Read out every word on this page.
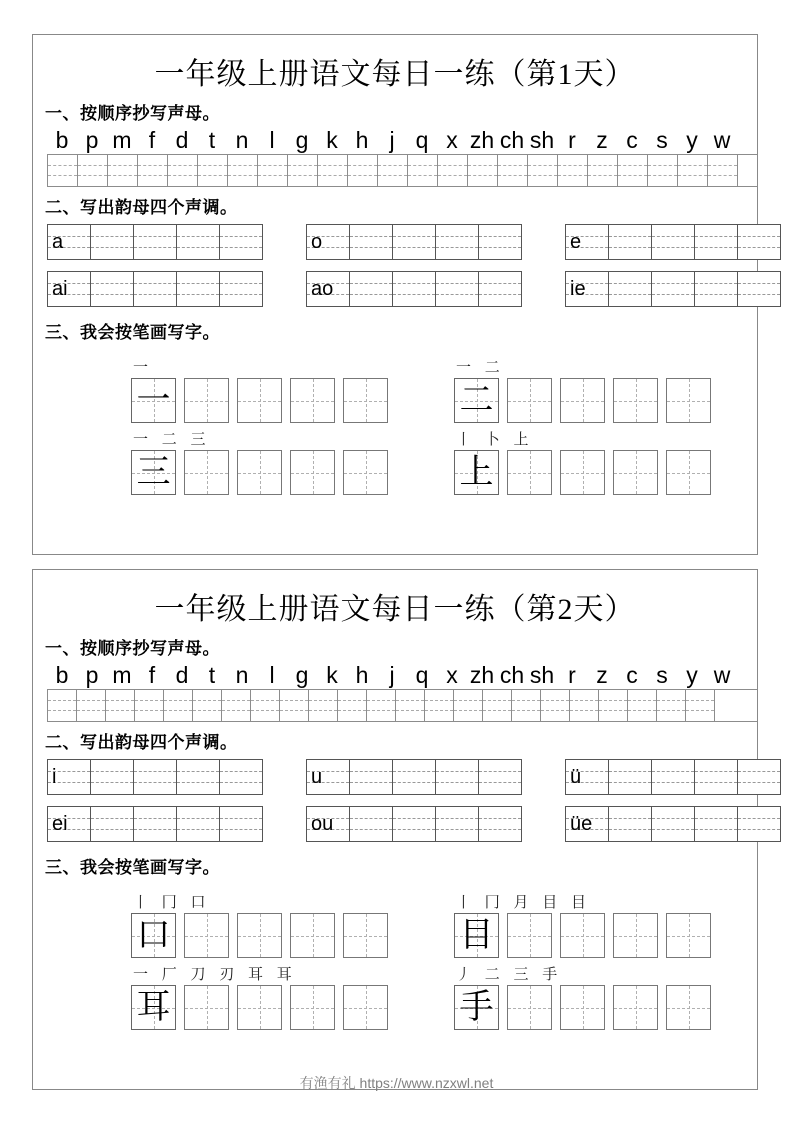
一年级上册语文每日一练（第1天）
一、按顺序抄写声母。
b p m f d t n l g k h j q x zh ch sh r z c s y w
二、写出韵母四个声调。
a	o	e
ai	ao	ie
三、我会按笔画写字。
一
一
一 二
二
一 二 三
三
丨 卜 上
上
一年级上册语文每日一练（第2天）
一、按顺序抄写声母。
b p m f d t n l g k h j q x zh ch sh r z c s y w
二、写出韵母四个声调。
i	u	ü
ei	ou	üe
三、我会按笔画写字。
丨 冂 口
口
丨 冂 月 目 目
目
一 厂 刀 刃 耳 耳
耳
丿 二 三 手
手
有渔有礼 https://www.nzxwl.net
